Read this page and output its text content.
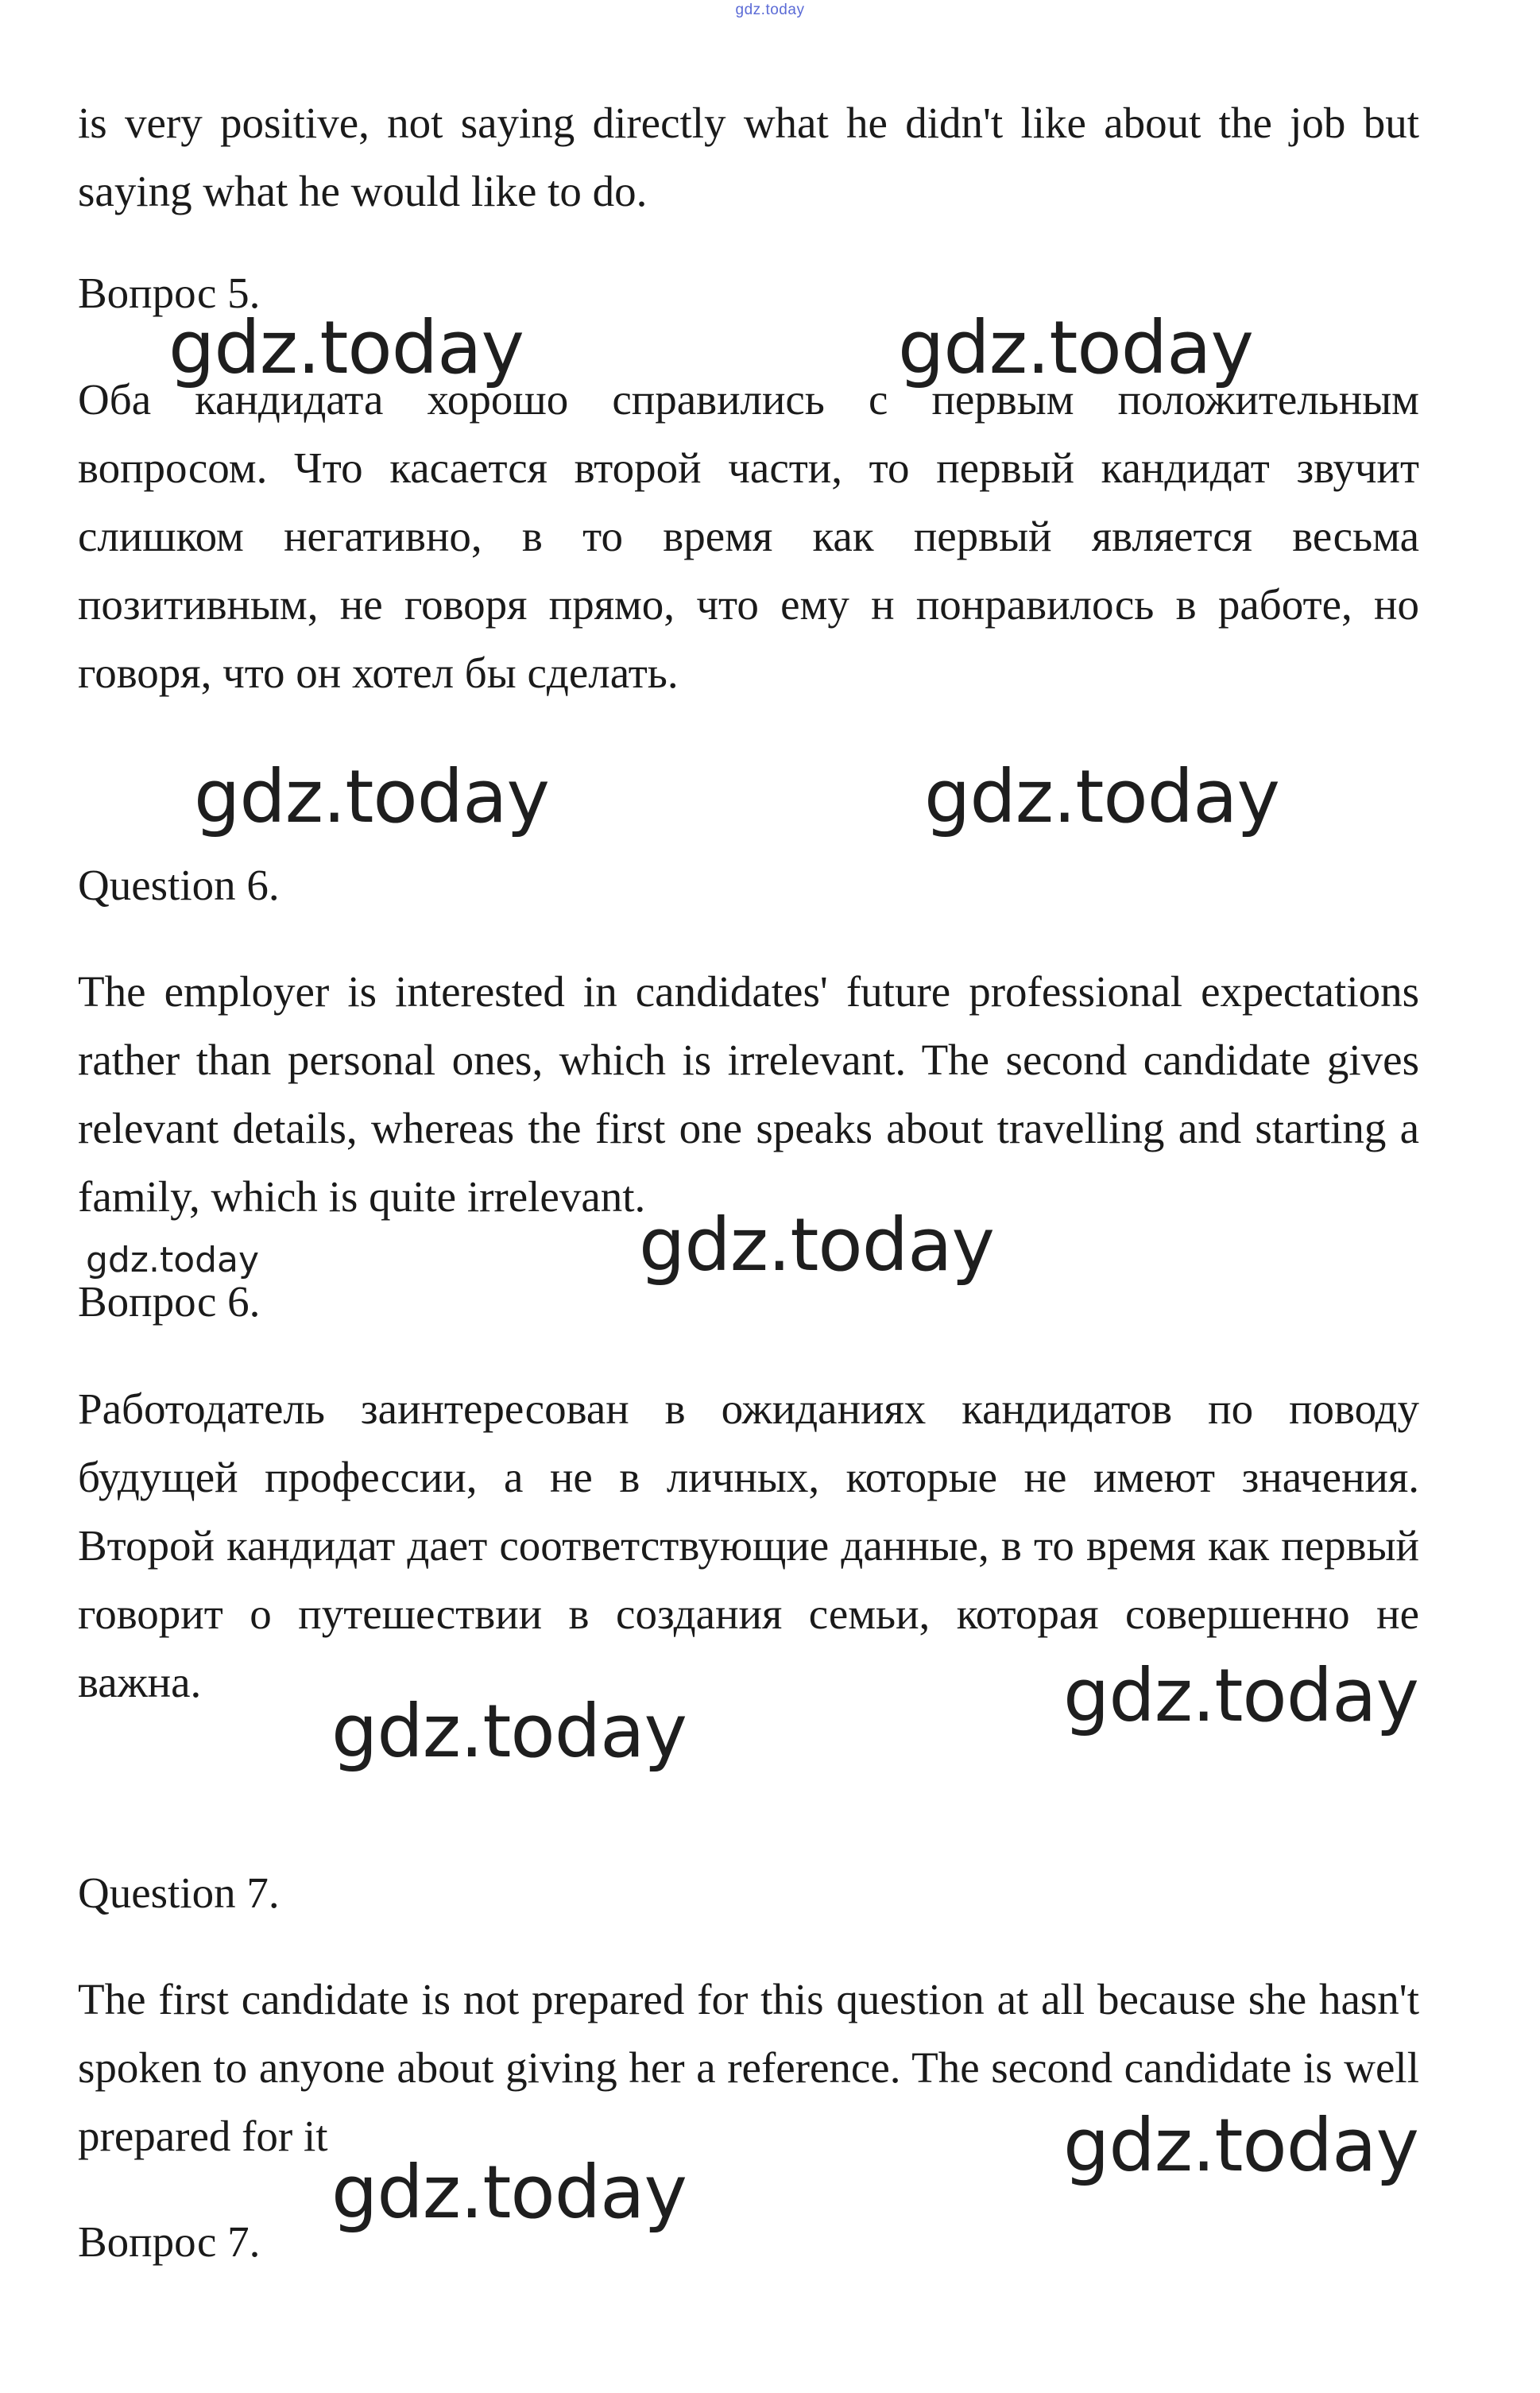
gdz.today

is very positive, not saying directly what he didn't like about the job but saying what he would like to do.

Вопрос 5.

Оба кандидата хорошо справились с первым положительным вопросом. Что касается второй части, то первый кандидат звучит слишком негативно, в то время как первый является весьма позитивным, не говоря прямо, что ему н понравилось в работе, но говоря, что он хотел бы сделать.

Question 6.

The employer is interested in candidates' future professional expectations rather than personal ones, which is irrelevant. The second candidate gives relevant details, whereas the first one speaks about travelling and starting a family, which is quite irrelevant.

Вопрос 6.

Работодатель заинтересован в ожиданиях кандидатов по поводу будущей профессии, а не в личных, которые не имеют значения. Второй кандидат дает соответствующие данные, в то время как первый говорит о путешествии в создания семьи, которая совершенно не важна.

Question 7.

The first candidate is not prepared for this question at all because she hasn't spoken to anyone about giving her a reference. The second candidate is well prepared for it

Вопрос 7.

gdz.today	gdz.today
gdz.today	gdz.today
gdz.today
gdz.today
gdz.today
gdz.today
gdz.today
gdz.today
